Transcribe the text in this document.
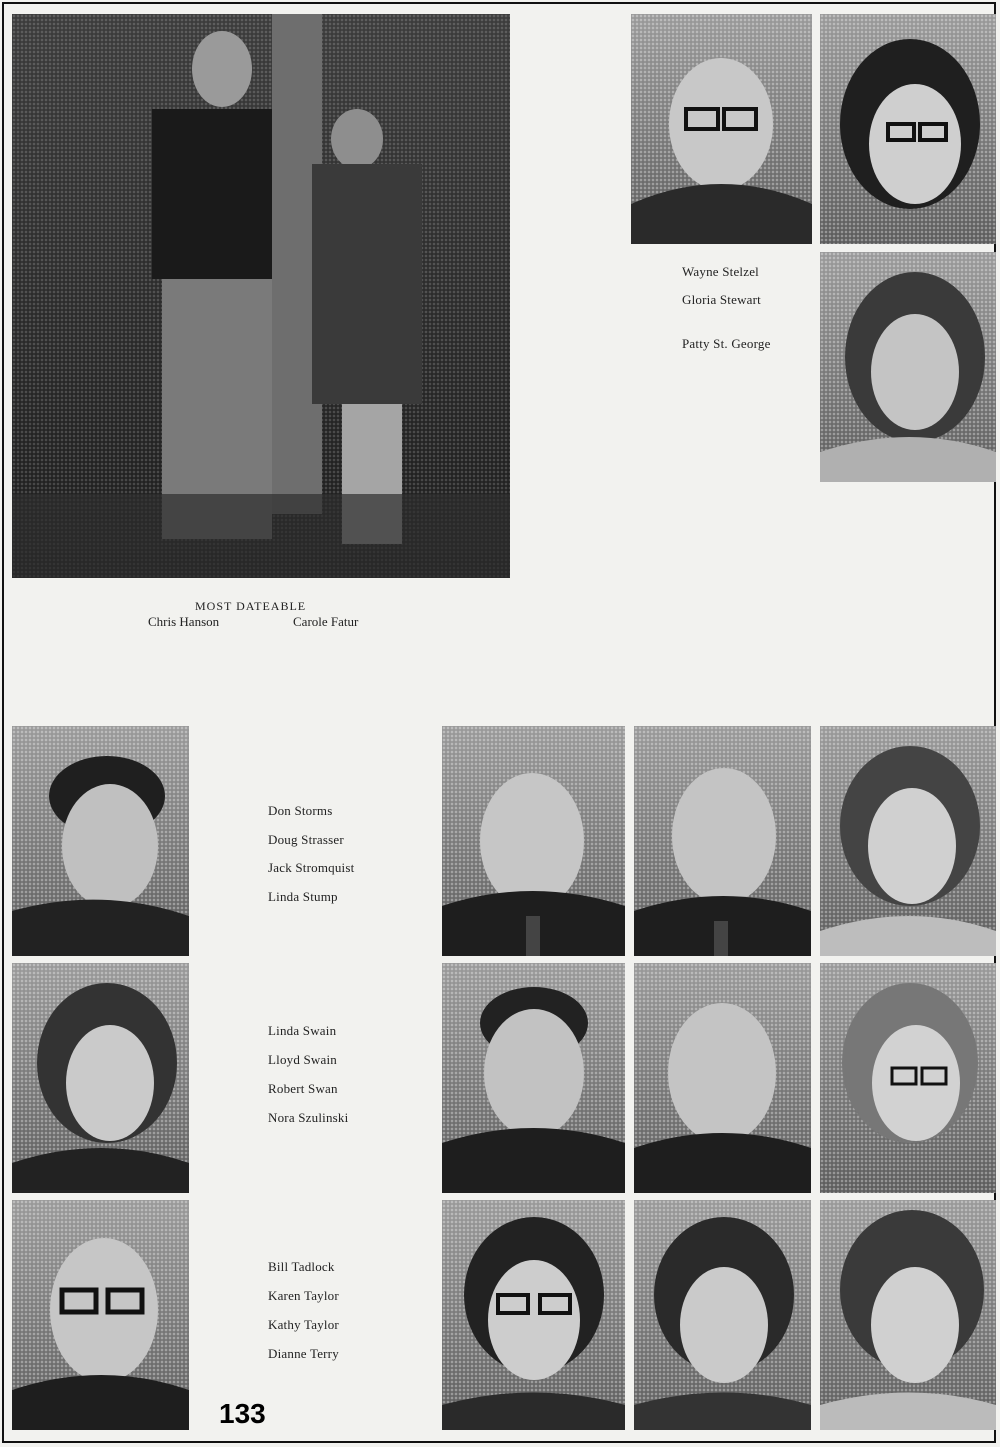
MOST DATEABLE
Chris Hanson	Carole Fatur
Wayne Stelzel
Gloria Stewart
Patty St. George
Don Storms
Doug Strasser
Jack Stromquist
Linda Stump
Linda Swain
Lloyd Swain
Robert Swan
Nora Szulinski
Bill Tadlock
Karen Taylor
Kathy Taylor
Dianne Terry
133
